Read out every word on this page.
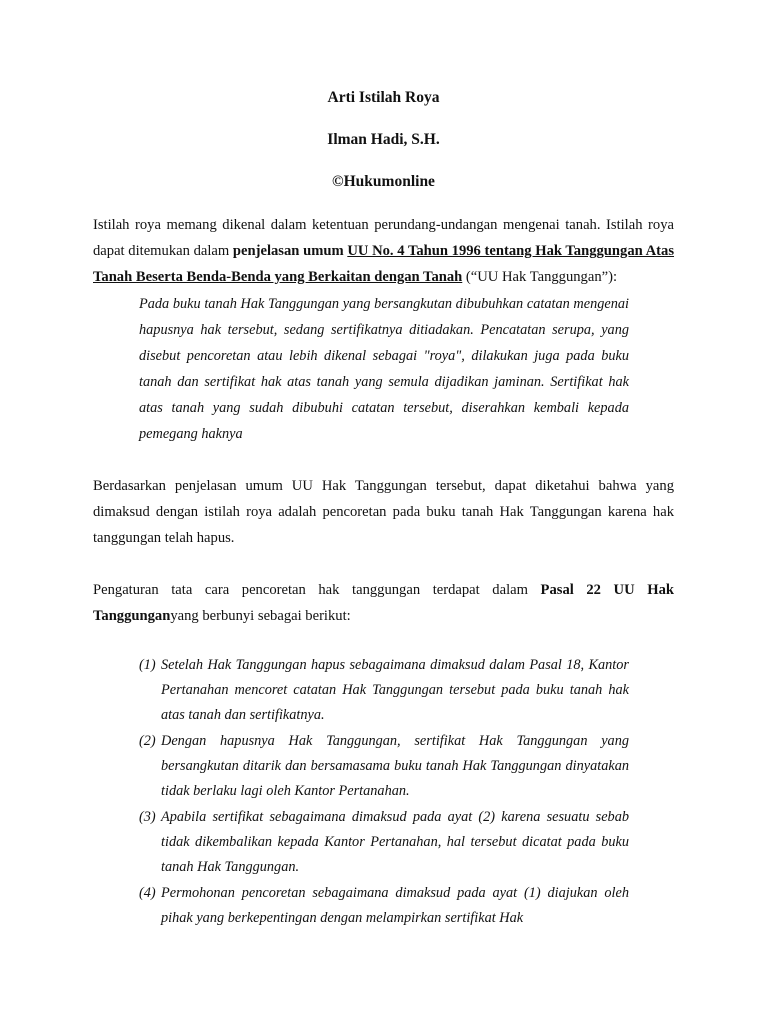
Arti Istilah Roya
Ilman Hadi, S.H.
©Hukumonline

Istilah roya memang dikenal dalam ketentuan perundang-undangan mengenai tanah. Istilah roya dapat ditemukan dalam penjelasan umum UU No. 4 Tahun 1996 tentang Hak Tanggungan Atas Tanah Beserta Benda-Benda yang Berkaitan dengan Tanah (“UU Hak Tanggungan”):

Pada buku tanah Hak Tanggungan yang bersangkutan dibubuhkan catatan mengenai hapusnya hak tersebut, sedang sertifikatnya ditiadakan. Pencatatan serupa, yang disebut pencoretan atau lebih dikenal sebagai "roya", dilakukan juga pada buku tanah dan sertifikat hak atas tanah yang semula dijadikan jaminan. Sertifikat hak atas tanah yang sudah dibubuhi catatan tersebut, diserahkan kembali kepada pemegang haknya

Berdasarkan penjelasan umum UU Hak Tanggungan tersebut, dapat diketahui bahwa yang dimaksud dengan istilah roya adalah pencoretan pada buku tanah Hak Tanggungan karena hak tanggungan telah hapus.

Pengaturan tata cara pencoretan hak tanggungan terdapat dalam Pasal 22 UU Hak Tanggunganyang berbunyi sebagai berikut:

(1) Setelah Hak Tanggungan hapus sebagaimana dimaksud dalam Pasal 18, Kantor Pertanahan mencoret catatan Hak Tanggungan tersebut pada buku tanah hak atas tanah dan sertifikatnya.
(2) Dengan hapusnya Hak Tanggungan, sertifikat Hak Tanggungan yang bersangkutan ditarik dan bersamasama buku tanah Hak Tanggungan dinyatakan tidak berlaku lagi oleh Kantor Pertanahan.
(3) Apabila sertifikat sebagaimana dimaksud pada ayat (2) karena sesuatu sebab tidak dikembalikan kepada Kantor Pertanahan, hal tersebut dicatat pada buku tanah Hak Tanggungan.
(4) Permohonan pencoretan sebagaimana dimaksud pada ayat (1) diajukan oleh pihak yang berkepentingan dengan melampirkan sertifikat Hak
